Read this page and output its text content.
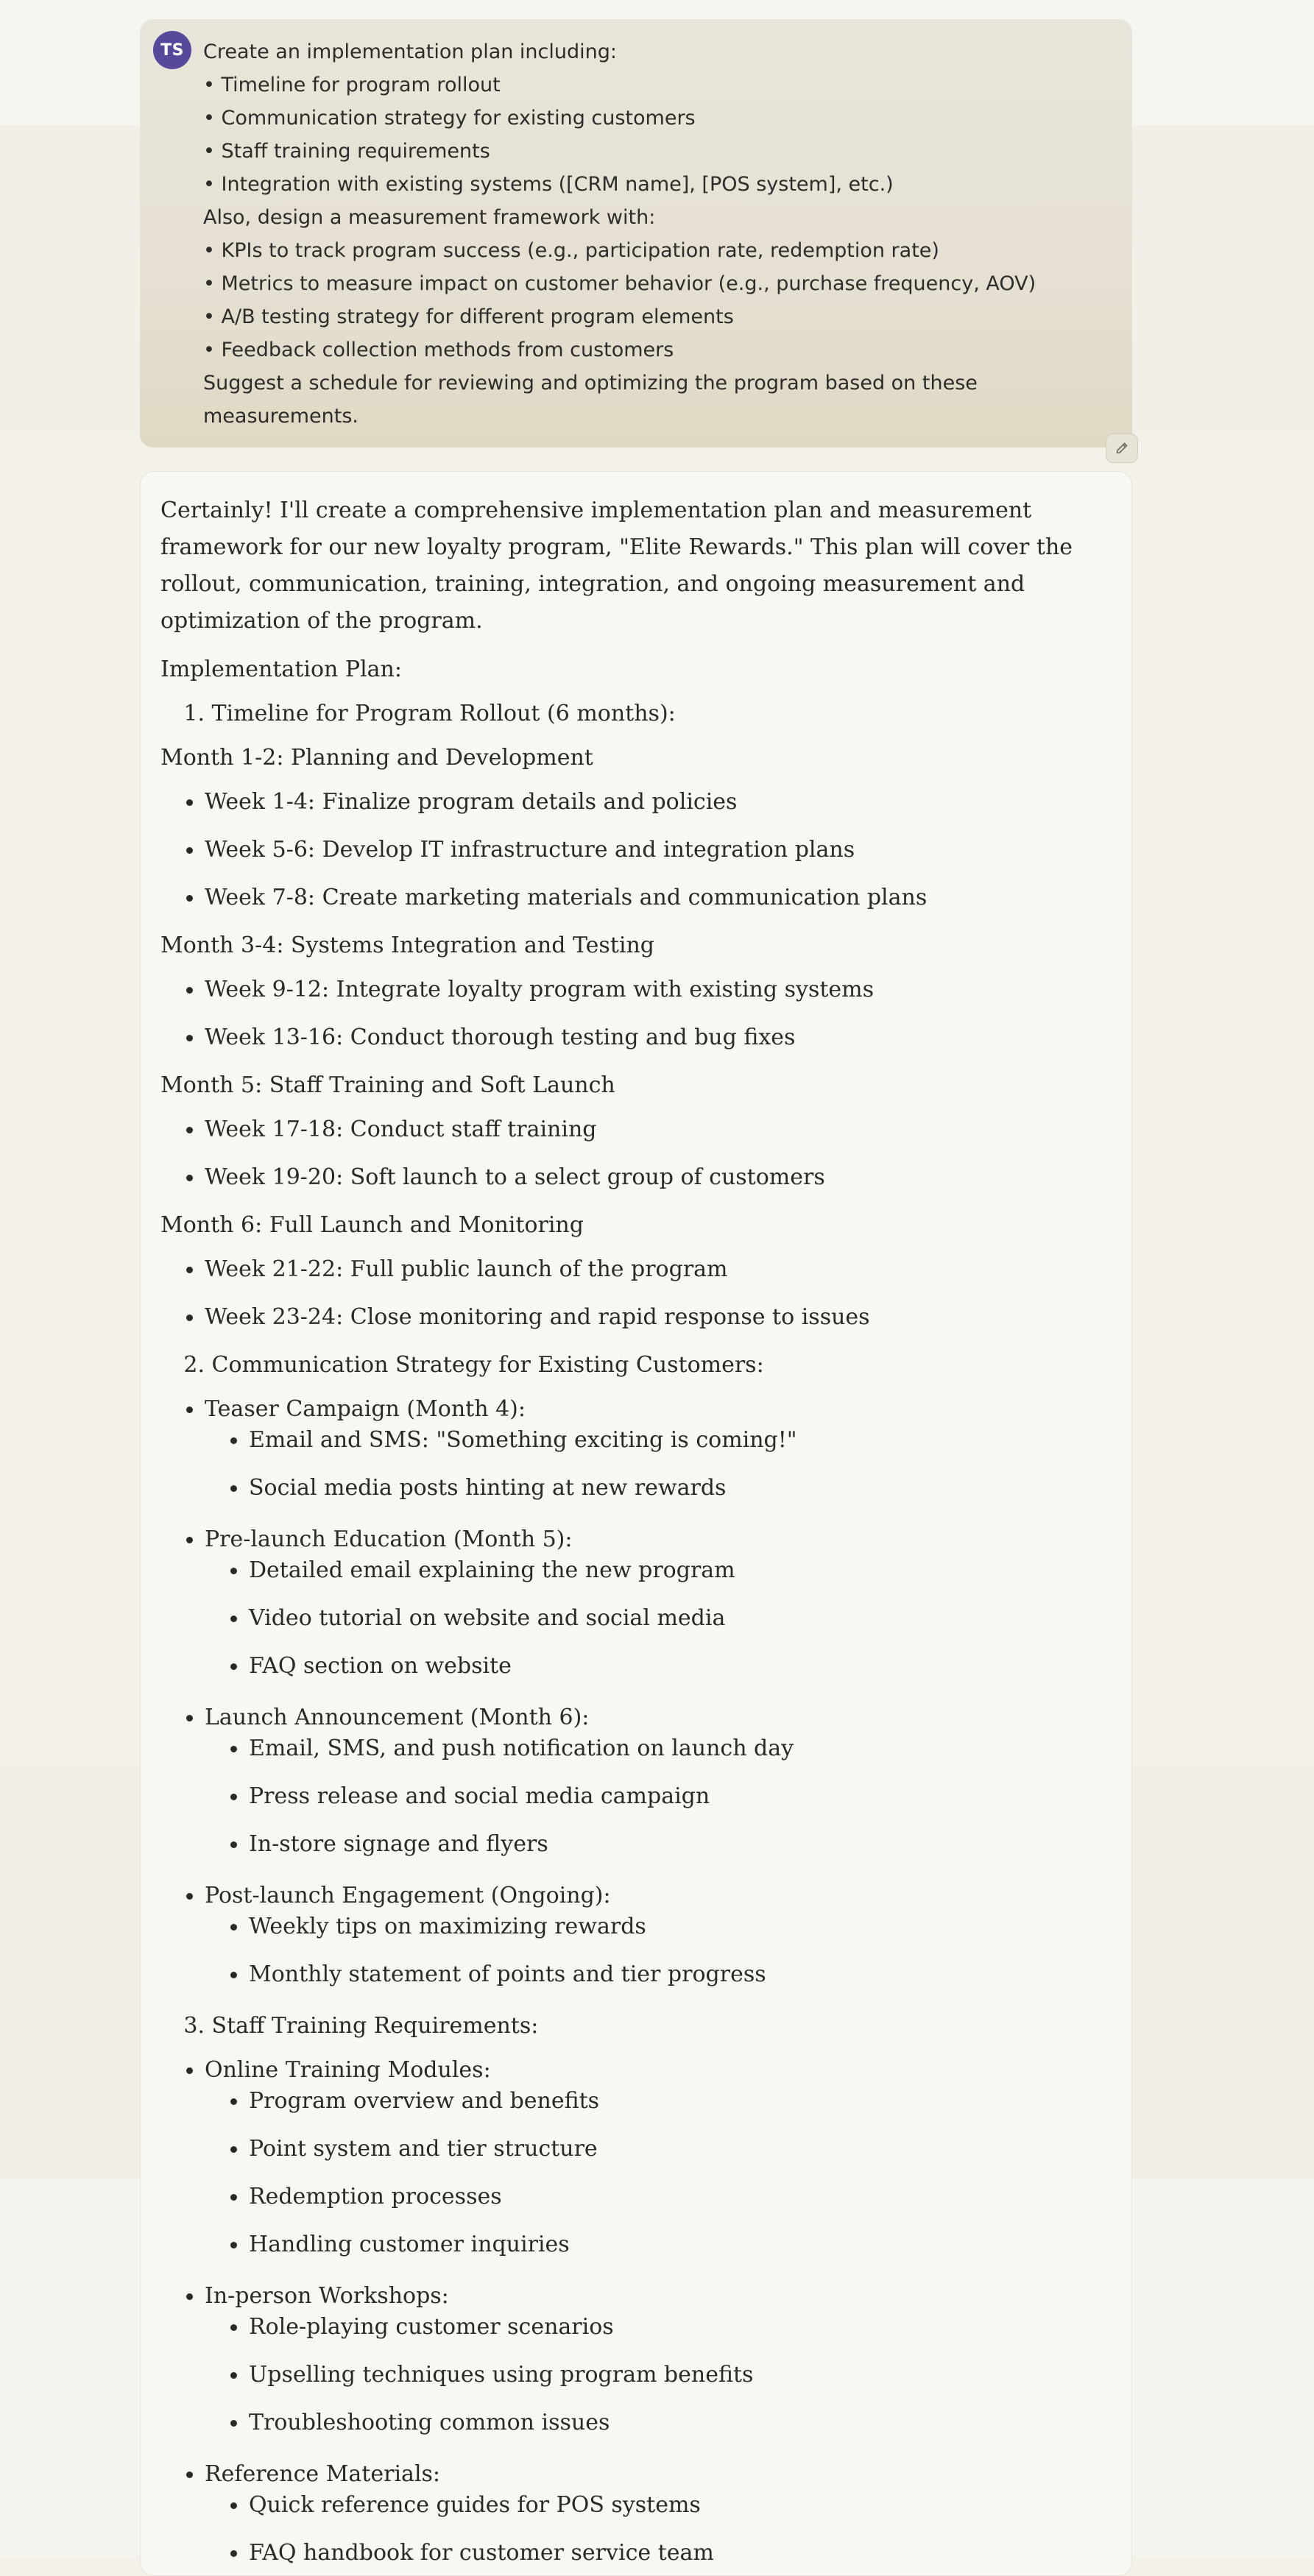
TS Create an implementation plan including:
• Timeline for program rollout
• Communication strategy for existing customers
• Staff training requirements
• Integration with existing systems ([CRM name], [POS system], etc.)
Also, design a measurement framework with:
• KPIs to track program success (e.g., participation rate, redemption rate)
• Metrics to measure impact on customer behavior (e.g., purchase frequency, AOV)
• A/B testing strategy for different program elements
• Feedback collection methods from customers
Suggest a schedule for reviewing and optimizing the program based on these
measurements.

Certainly! I'll create a comprehensive implementation plan and measurement framework for our new loyalty program, "Elite Rewards." This plan will cover the rollout, communication, training, integration, and ongoing measurement and optimization of the program.

Implementation Plan:

1. Timeline for Program Rollout (6 months):

Month 1-2: Planning and Development

Week 1-4: Finalize program details and policies
Week 5-6: Develop IT infrastructure and integration plans
Week 7-8: Create marketing materials and communication plans

Month 3-4: Systems Integration and Testing

Week 9-12: Integrate loyalty program with existing systems
Week 13-16: Conduct thorough testing and bug fixes

Month 5: Staff Training and Soft Launch

Week 17-18: Conduct staff training
Week 19-20: Soft launch to a select group of customers

Month 6: Full Launch and Monitoring

Week 21-22: Full public launch of the program
Week 23-24: Close monitoring and rapid response to issues
2. Communication Strategy for Existing Customers:
Teaser Campaign (Month 4):
Email and SMS: "Something exciting is coming!"
Social media posts hinting at new rewards
Pre-launch Education (Month 5):
Detailed email explaining the new program
Video tutorial on website and social media
FAQ section on website
Launch Announcement (Month 6):
Email, SMS, and push notification on launch day
Press release and social media campaign
In-store signage and flyers
Post-launch Engagement (Ongoing):
Weekly tips on maximizing rewards
Monthly statement of points and tier progress
3. Staff Training Requirements:
Online Training Modules:
Program overview and benefits
Point system and tier structure
Redemption processes
Handling customer inquiries
In-person Workshops:
Role-playing customer scenarios
Upselling techniques using program benefits
Troubleshooting common issues
Reference Materials:
Quick reference guides for POS systems
FAQ handbook for customer service team
